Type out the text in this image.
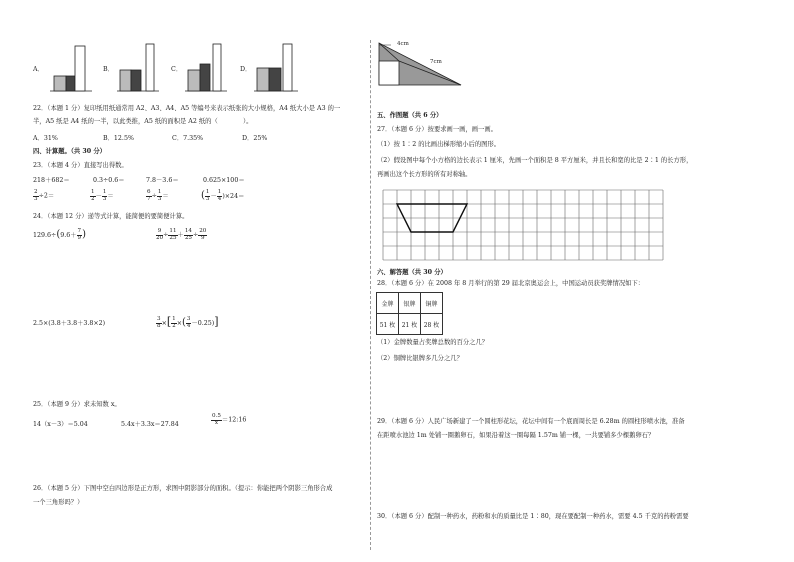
A．	B．	C．	D．
22．（本题 1 分）复印纸用纸通常用 A2、A3、A4、A5 等编号来表示纸张的大小规格，A4 纸大小是 A3 的一
半，A5 纸是 A4 纸的一半，以此类推，A5 纸的面积是 A2 纸的（　　　　）。
A．31%	B．12.5%	C．7.35%	D．25%
四、计算题。（共 30 分）
23．（本题 4 分）直接写出得数。
218＋682＝	0.3÷0.6＝	7.8－3.6＝	0.625×100＝
$\frac{2}{3} \div 2=$	$\frac{1}{2} - \frac{1}{3}$ ＝	$\frac{6}{7} \div \frac{1}{3}$ ＝	( $\frac{1}{3} - \frac{1}{4} )\times 24=$
24．（本题 12 分）递等式计算，能简便的要简便计算。
$129.6\div(9.6+ \frac{7}{9}$ )	$\frac{9}{20} \div \frac{11}{25} + \frac{14}{25} \div \frac{20}{9}$
2.5×(3.8＋3.8＋3.8×2)	$\frac{3}{8}$ ×[ $\frac{1}{2}$ ×( $\frac{3}{4} -0.25$)]
25．（本题 9 分）求未知数 x。
14（x－3）＝5.04	5.4x＋3.3x＝27.84	$\frac{0.5}{x}$ ＝12:16
26．（本题 5 分）下图中空白四边形是正方形，求图中阴影部分的面积。（提示：你能把两个阴影三角形合成
一个三角形吗？）
4cm
7cm
五、作图题（共 6 分）
27．（本题 6 分）按要求画一画，画一画。
（1）按 1∶2 的比画出梯形缩小后的图形。
（2）假设图中每个小方格的边长表示 1 厘米，先画一个面积是 8 平方厘米，并且长和宽的比是 2∶1 的长方形，
再画出这个长方形的所有对称轴。
六、解答题（共 30 分）
28．（本题 6 分）在 2008 年 8 月举行的第 29 届北京奥运会上，中国运动员获奖牌情况如下：
金牌	银牌	铜牌
51 枚	21 枚	28 枚
（1）金牌数量占奖牌总数的百分之几？
（2）铜牌比银牌多几分之几？
29．（本题 6 分）人民广场新建了一个圆柱形花坛，花坛中间有一个底面周长是 6.28m 的圆柱形喷水池，准备
在距喷水池边 1m 处铺一圈鹅卵石，如果沿着这一圈每隔 1.57m 铺一棵，一共要铺多少棵鹅卵石？
30．（本题 6 分）配制一种药水，药粉和水的质量比是 1∶80，现在要配制一种药水，需要 4.5 千克的药粉需要
